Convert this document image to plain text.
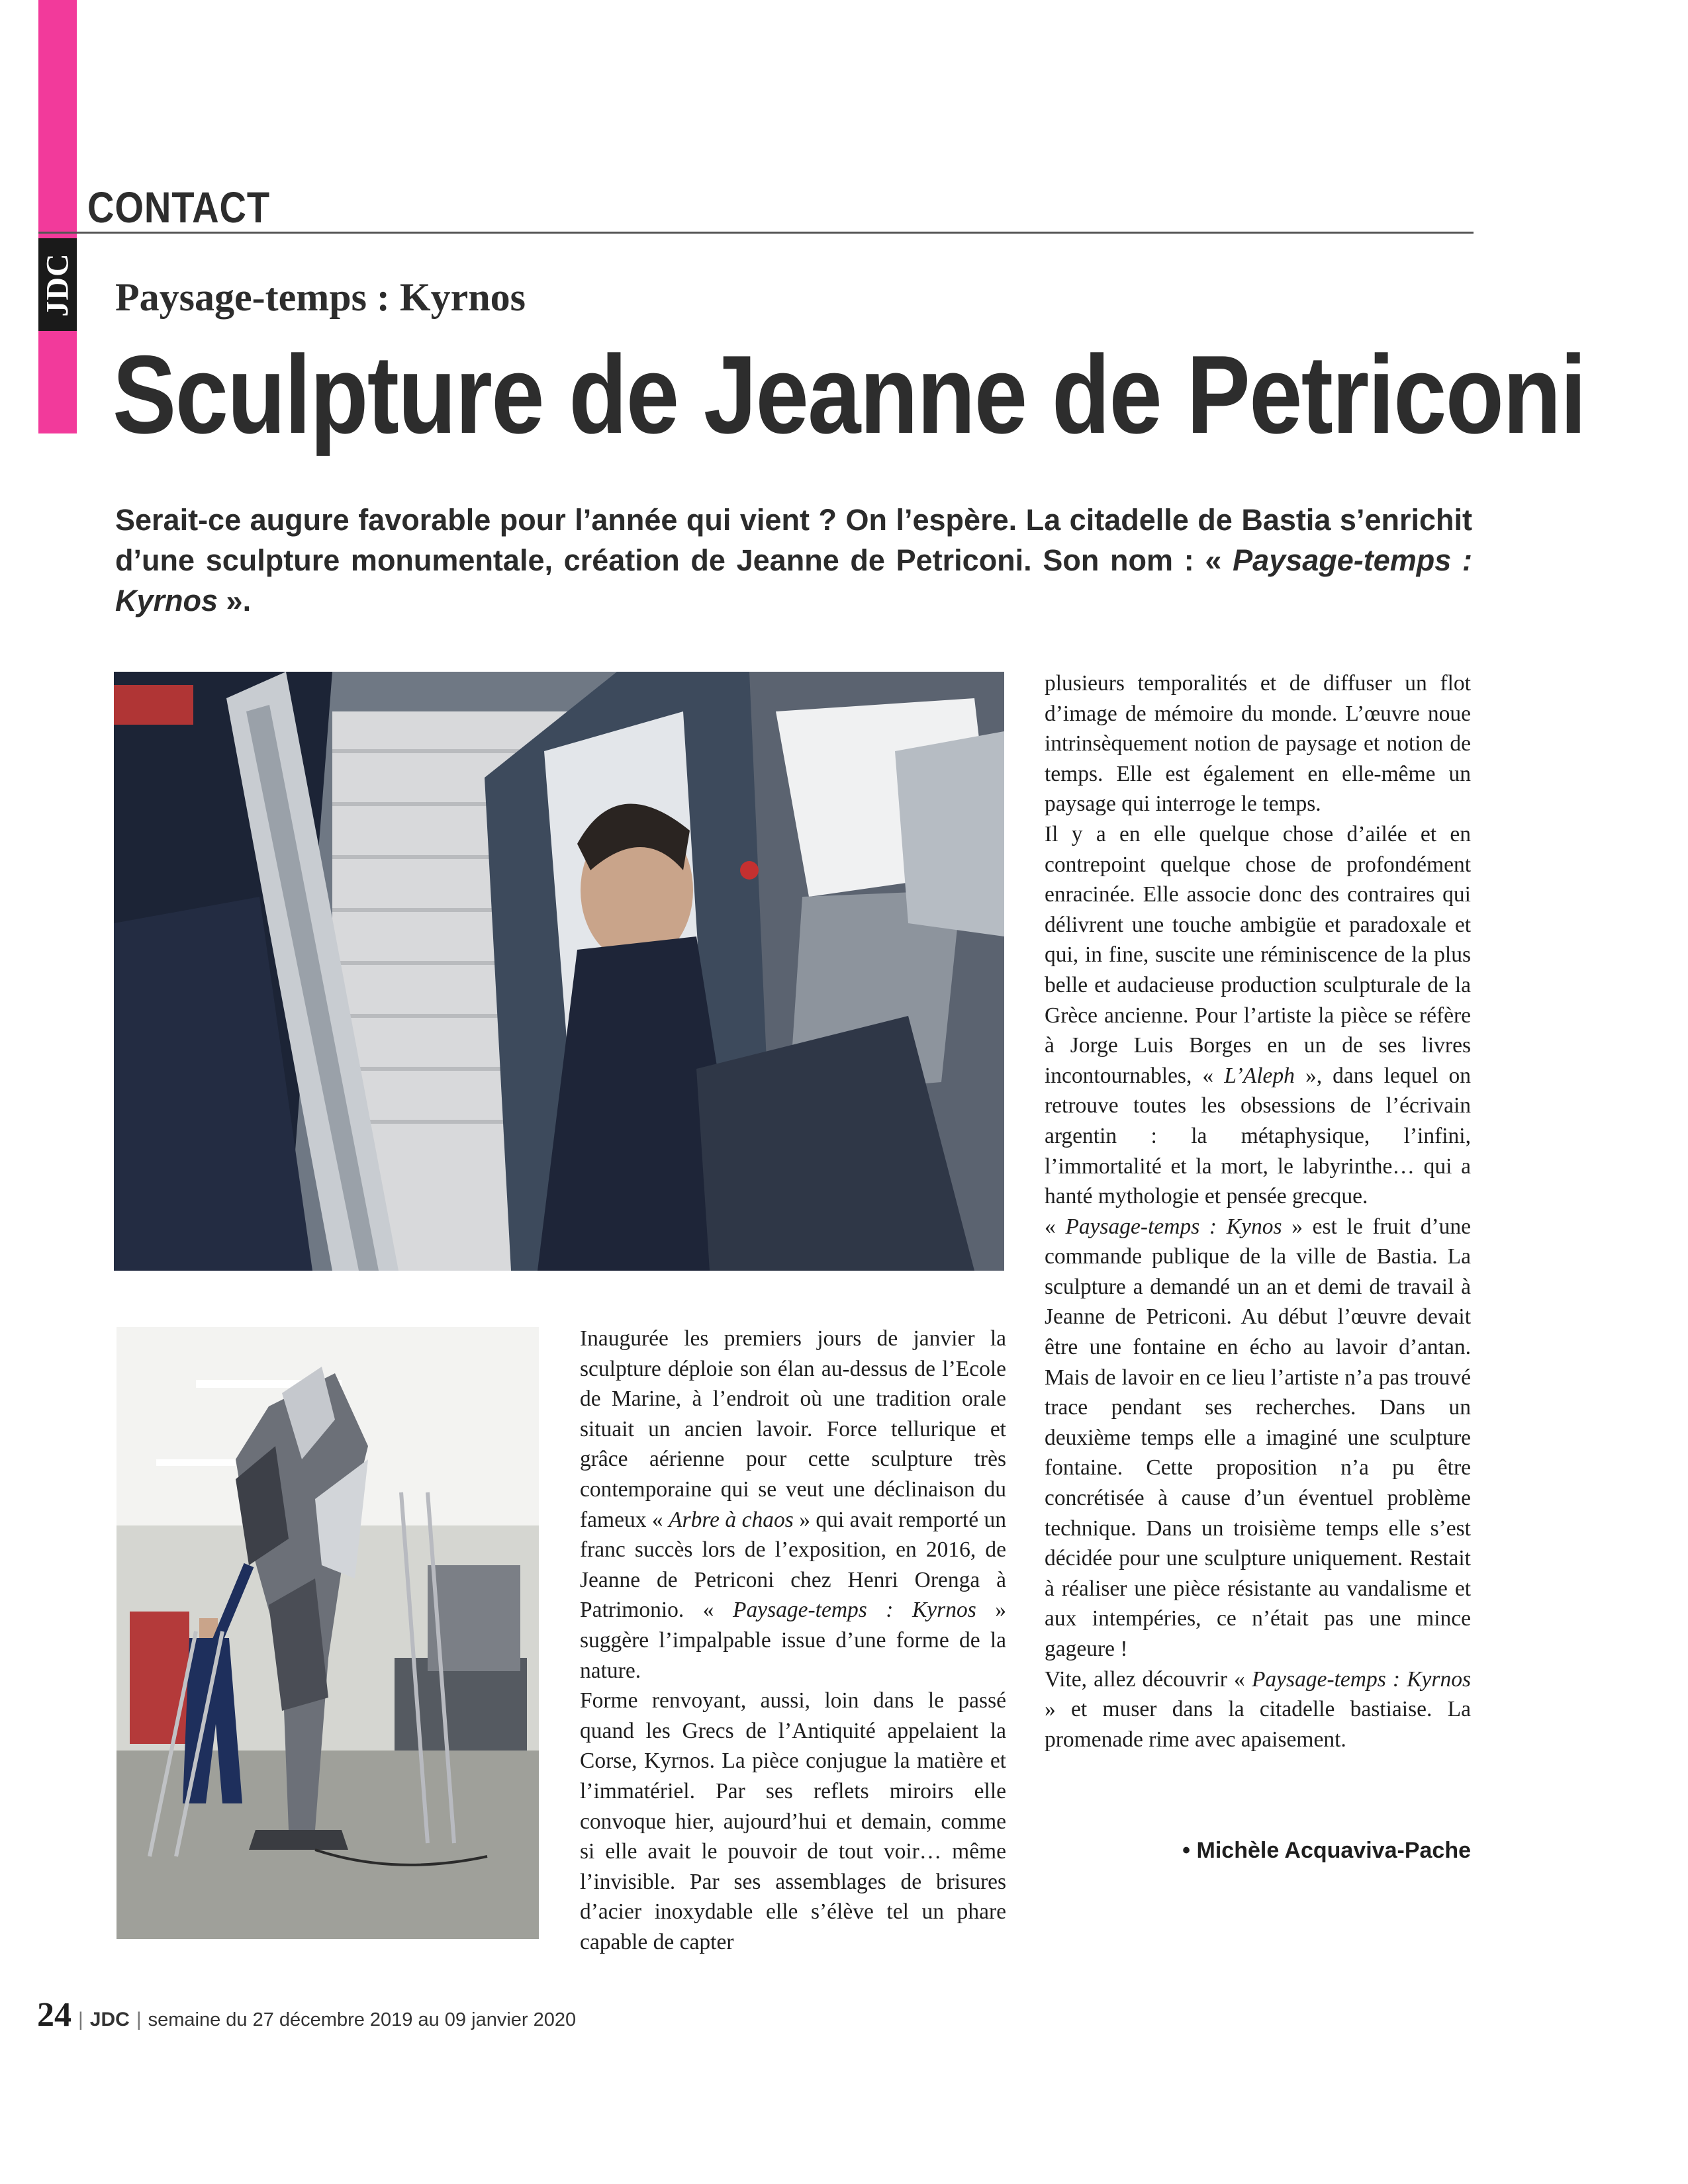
JDC
CONTACT
Paysage-temps : Kyrnos
Sculpture de Jeanne de Petriconi
Serait-ce augure favorable pour l’année qui vient ? On l’espère. La citadelle de Bastia s’enrichit d’une sculpture monumentale, création de Jeanne de Petriconi. Son nom : « Paysage-temps : Kyrnos ».

Inaugurée les premiers jours de janvier la sculpture déploie son élan au-dessus de l’Ecole de Marine, à l’endroit où une tradition orale situait un ancien lavoir. Force tellurique et grâce aérienne pour cette sculpture très contemporaine qui se veut une déclinaison du fameux « Arbre à chaos » qui avait remporté un franc succès lors de l’exposition, en 2016, de Jeanne de Petriconi chez Henri Orenga à Patrimonio. « Paysage-temps : Kyrnos » suggère l’impalpable issue d’une forme de la nature.

Forme renvoyant, aussi, loin dans le passé quand les Grecs de l’Antiquité appelaient la Corse, Kyrnos. La pièce conjugue la matière et l’immatériel. Par ses reflets miroirs elle convoque hier, aujourd’hui et demain, comme si elle avait le pouvoir de tout voir… même l’invisible. Par ses assemblages de brisures d’acier inoxydable elle s’élève tel un phare capable de capter

plusieurs temporalités et de diffuser un flot d’image de mémoire du monde. L’œuvre noue intrinsèquement notion de paysage et notion de temps. Elle est également en elle-même un paysage qui interroge le temps.

Il y a en elle quelque chose d’ailée et en contrepoint quelque chose de profondément enracinée. Elle associe donc des contraires qui délivrent une touche ambigüe et paradoxale et qui, in fine, suscite une réminiscence de la plus belle et audacieuse production sculpturale de la Grèce ancienne. Pour l’artiste la pièce se réfère à Jorge Luis Borges en un de ses livres incontournables, « L’Aleph », dans lequel on retrouve toutes les obsessions de l’écrivain argentin : la métaphysique, l’infini, l’immortalité et la mort, le labyrinthe… qui a hanté mythologie et pensée grecque.

« Paysage-temps : Kynos » est le fruit d’une commande publique de la ville de Bastia. La sculpture a demandé un an et demi de travail à Jeanne de Petriconi. Au début l’œuvre devait être une fontaine en écho au lavoir d’antan. Mais de lavoir en ce lieu l’artiste n’a pas trouvé trace pendant ses recherches. Dans un deuxième temps elle a imaginé une sculpture fontaine. Cette proposition n’a pu être concrétisée à cause d’un éventuel problème technique. Dans un troisième temps elle s’est décidée pour une sculpture uniquement. Restait à réaliser une pièce résistante au vandalisme et aux intempéries, ce n’était pas une mince gageure !

Vite, allez découvrir « Paysage-temps : Kyrnos » et muser dans la citadelle bastiaise. La promenade rime avec apaisement.

• Michèle Acquaviva-Pache
24 | JDC | semaine du 27 décembre 2019 au 09 janvier 2020
